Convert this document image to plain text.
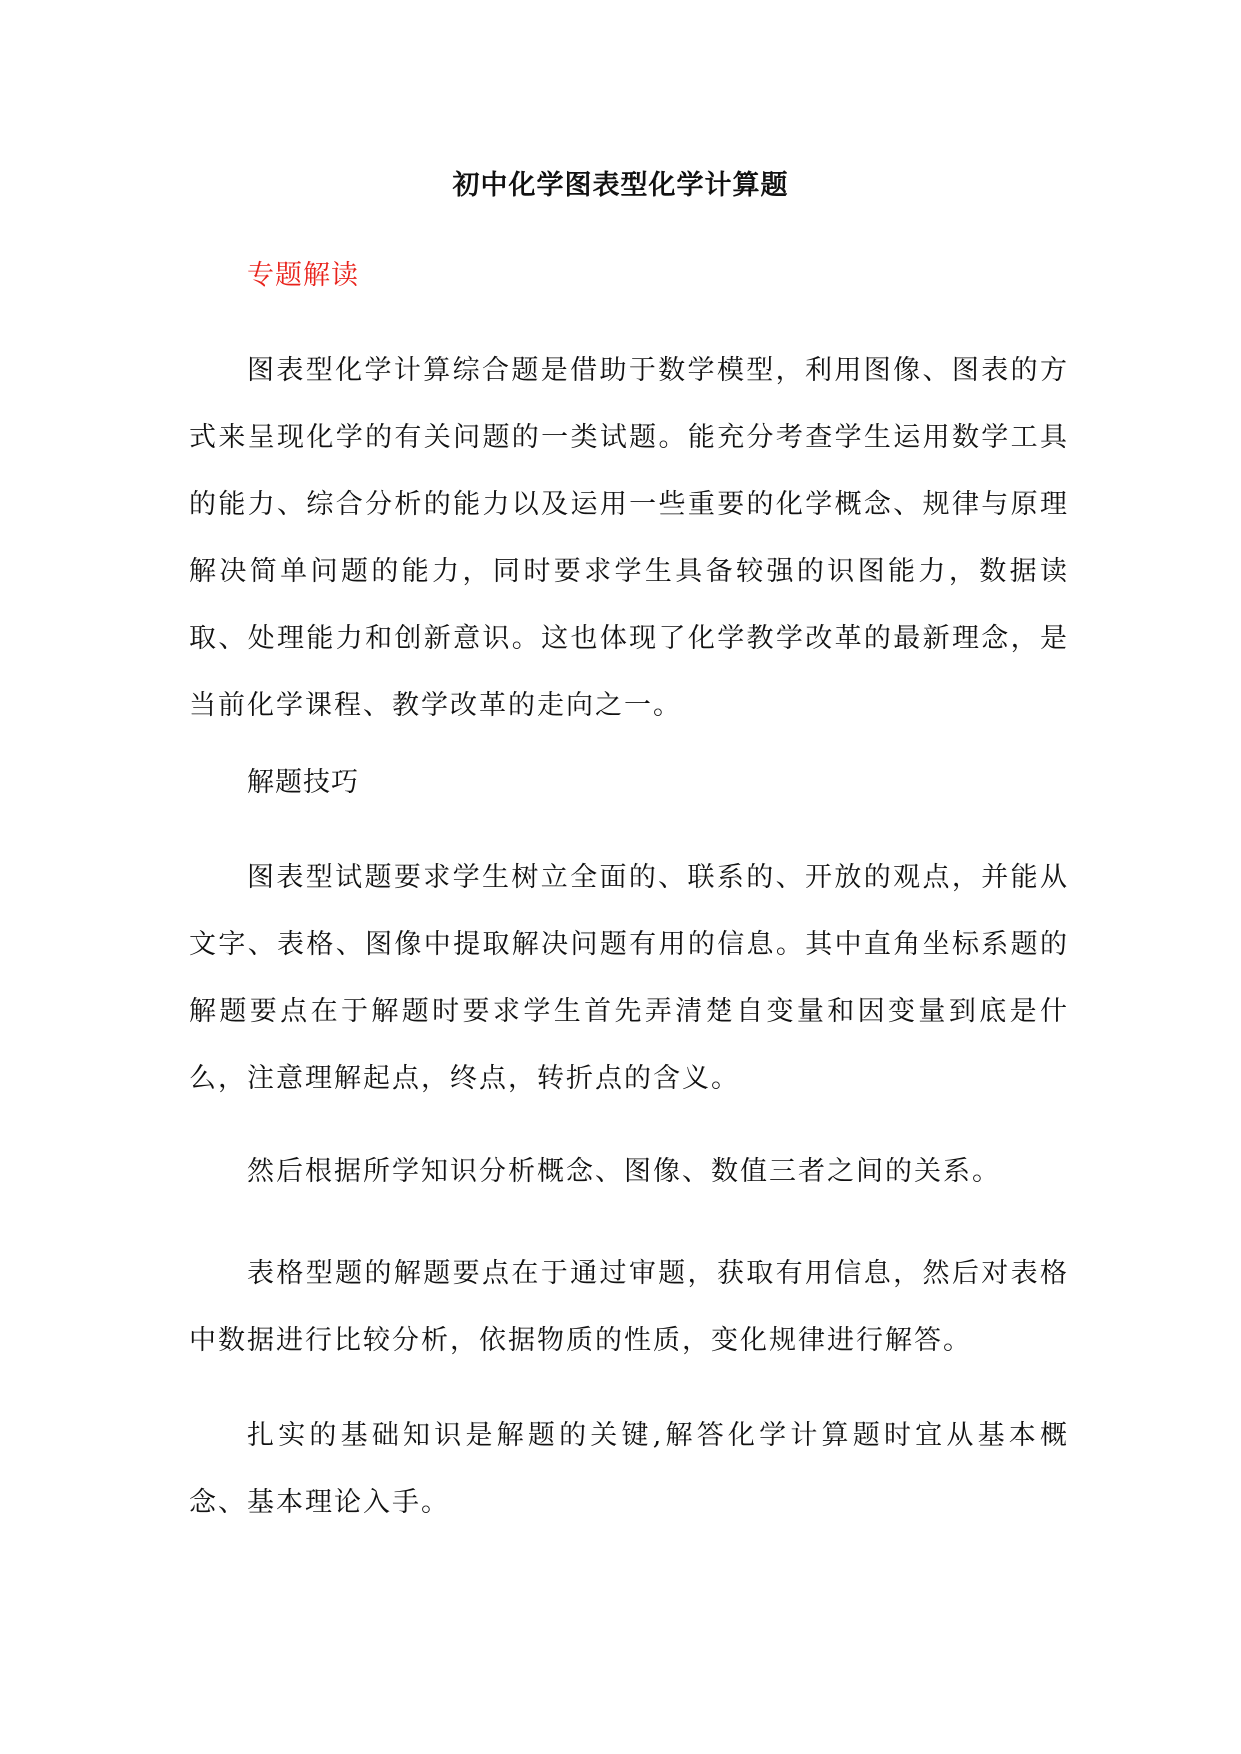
初中化学图表型化学计算题
专题解读

图表型化学计算综合题是借助于数学模型，利用图像、图表的方式来呈现化学的有关问题的一类试题。能充分考查学生运用数学工具的能力、综合分析的能力以及运用一些重要的化学概念、规律与原理解决简单问题的能力，同时要求学生具备较强的识图能力，数据读取、处理能力和创新意识。这也体现了化学教学改革的最新理念，是当前化学课程、教学改革的走向之一。

解题技巧

图表型试题要求学生树立全面的、联系的、开放的观点，并能从文字、表格、图像中提取解决问题有用的信息。其中直角坐标系题的解题要点在于解题时要求学生首先弄清楚自变量和因变量到底是什么，注意理解起点，终点，转折点的含义。

然后根据所学知识分析概念、图像、数值三者之间的关系。

表格型题的解题要点在于通过审题，获取有用信息，然后对表格中数据进行比较分析，依据物质的性质，变化规律进行解答。

扎实的基础知识是解题的关键,解答化学计算题时宜从基本概念、基本理论入手。
